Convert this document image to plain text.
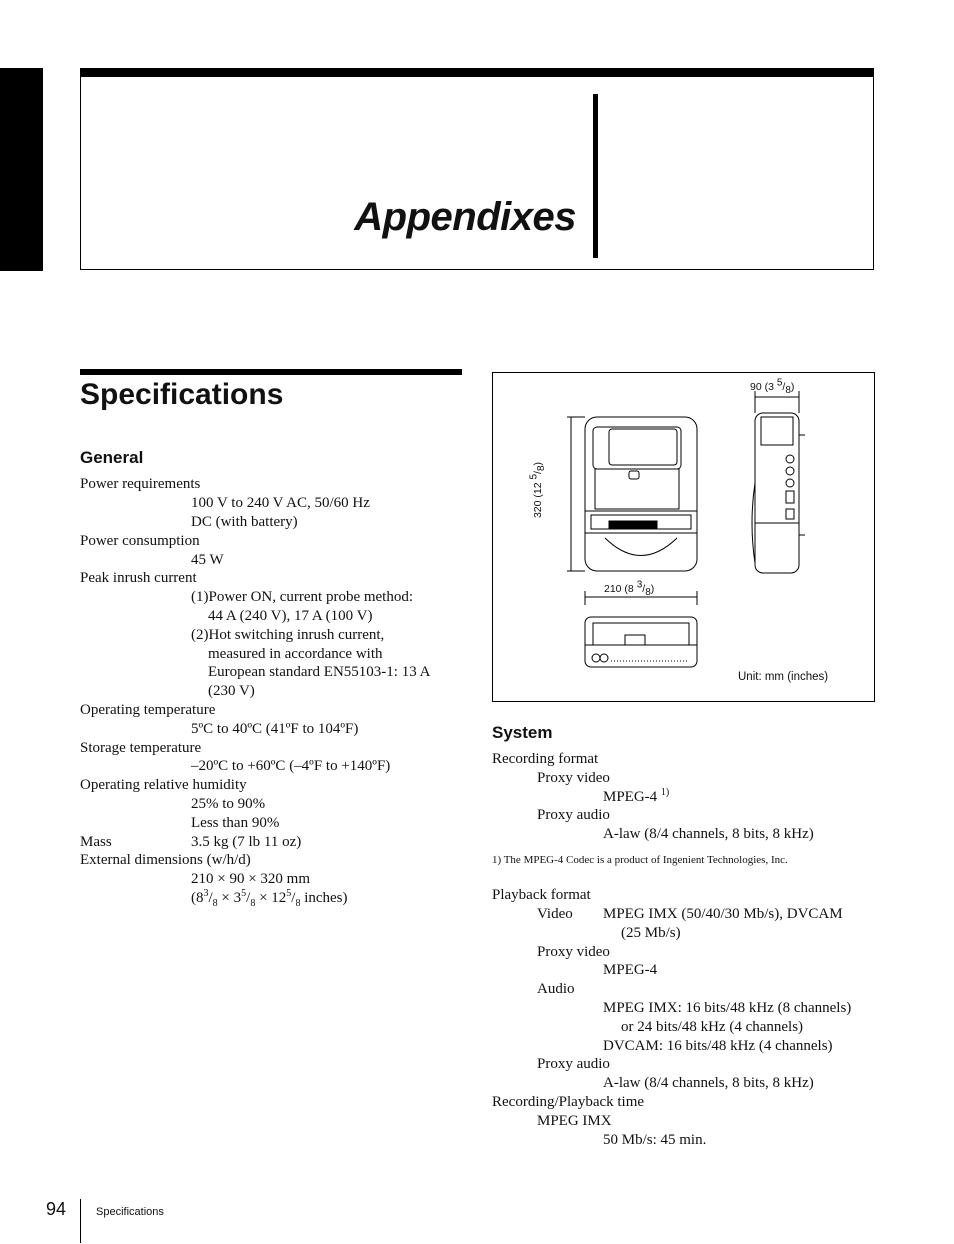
Appendixes
Specifications
General
Power requirements
100 V to 240 V AC, 50/60 Hz
DC (with battery)
Power consumption
45 W
Peak inrush current
(1)Power ON, current probe method:
44 A (240 V), 17 A (100 V)
(2)Hot switching inrush current,
measured in accordance with
European standard EN55103-1: 13 A
(230 V)
Operating temperature
5ºC to 40ºC (41ºF to 104ºF)
Storage temperature
–20ºC to +60ºC (–4ºF to +140ºF)
Operating relative humidity
25% to 90%
Less than 90%
Mass	3.5 kg (7 lb 11 oz)
External dimensions (w/h/d)
210 × 90 × 320 mm
($8^3/_8 \times 3^5/_8 \times 12^5/_8$ inches)
90 (3 $^5/_8$)
320 (12 $^5/_8$)
210 (8 $^3/_8$)
Unit: mm (inches)
System
Recording format
Proxy video
MPEG-4 $^{1)}$
Proxy audio
A-law (8/4 channels, 8 bits, 8 kHz)
1) The MPEG-4 Codec is a product of Ingenient Technologies, Inc.
Playback format
Video MPEG IMX (50/40/30 Mb/s), DVCAM
(25 Mb/s)
Proxy video
MPEG-4
Audio
MPEG IMX: 16 bits/48 kHz (8 channels)
or 24 bits/48 kHz (4 channels)
DVCAM: 16 bits/48 kHz (4 channels)
Proxy audio
A-law (8/4 channels, 8 bits, 8 kHz)
Recording/Playback time
MPEG IMX
50 Mb/s: 45 min.
94	Specifications
